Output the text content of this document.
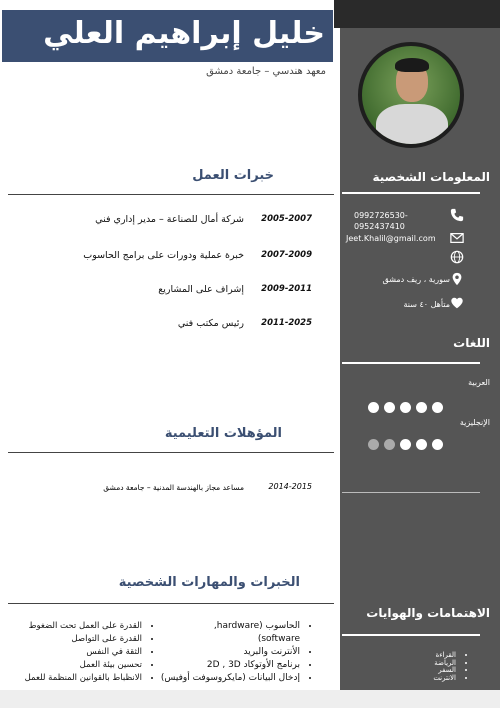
خليل إبراهيم العلي
معهد هندسي – جامعة دمشق
خبرات العمل
2005-2007
شركة أمال للصناعة – مدير إداري فني
2007-2009
خبرة عملية ودورات على برامج الحاسوب
2009-2011
إشراف على المشاريع
2011-2025
رئيس مكتب فني
المؤهلات التعليمية
2014-2015
مساعد مجاز بالهندسة المدنية – جامعة دمشق
الخبرات والمهارات الشخصية
• الحاسوب (hardware,
software)
• الأنترنت والبريد
• برنامج الأوتوكاد 2D , 3D
• إدخال البيانات (مايكروسوفت أوفيس)
• القدرة على العمل تحت الضغوط
• القدرة على التواصل
• الثقة في النفس
• تحسين بيئة العمل
• الانظباط بالقوانين المنظمة للعمل
المعلومات الشخصية
0992726530-
0952437410
Jeet.Khalil@gmail.com
سورية ، ريف دمشق
متأهل ٤٠ سنة
اللغات
العربية
الإنجليزية
الاهتمامات والهوايات
• القراءة
• الرياضة
• السفر
• الانترنت
